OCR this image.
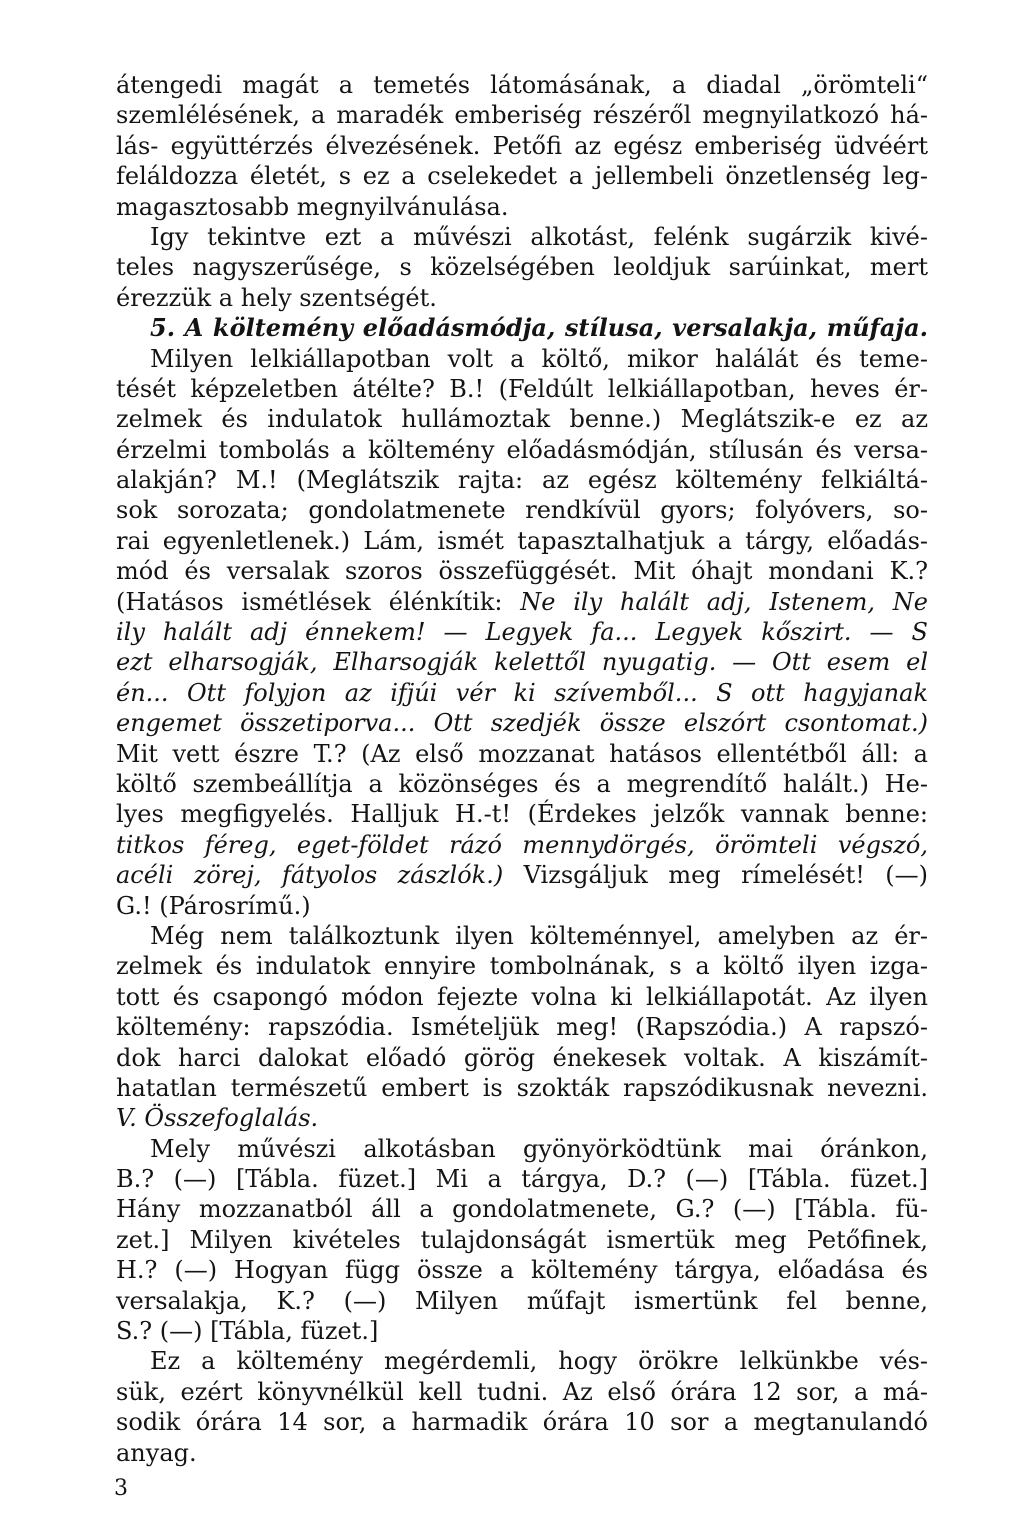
átengedi magát a temetés látomásának, a diadal „örömteli“
szemlélésének, a maradék emberiség részéről megnyilatkozó há-
lás- együttérzés élvezésének. Petőfi az egész emberiség üdvéért
feláldozza életét, s ez a cselekedet a jellembeli önzetlenség leg-
magasztosabb megnyilvánulása.
Igy tekintve ezt a művészi alkotást, felénk sugárzik kivé-
teles nagyszerűsége, s közelségében leoldjuk sarúinkat, mert
érezzük a hely szentségét.
5. A költemény előadásmódja, stílusa, versalakja, műfaja.
Milyen lelkiállapotban volt a költő, mikor halálát és teme-
tését képzeletben átélte? B.! (Feldúlt lelkiállapotban, heves ér-
zelmek és indulatok hullámoztak benne.) Meglátszik-e ez az
érzelmi tombolás a költemény előadásmódján, stílusán és versa-
alakján? M.! (Meglátszik rajta: az egész költemény felkiáltá-
sok sorozata; gondolatmenete rendkívül gyors; folyóvers, so-
rai egyenletlenek.) Lám, ismét tapasztalhatjuk a tárgy, előadás-
mód és versalak szoros összefüggését. Mit óhajt mondani K.?
(Hatásos ismétlések élénkítik: Ne ily halált adj, Istenem, Ne
ily halált adj énnekem! — Legyek fa... Legyek kőszirt. — S
ezt elharsogják, Elharsogják kelettől nyugatig. — Ott esem el
én... Ott folyjon az ifjúi vér ki szívemből... S ott hagyjanak
engemet összetiporva... Ott szedjék össze elszórt csontomat.)
Mit vett észre T.? (Az első mozzanat hatásos ellentétből áll: a
költő szembeállítja a közönséges és a megrendítő halált.) He-
lyes megfigyelés. Halljuk H.-t! (Érdekes jelzők vannak benne:
titkos féreg, eget-földet rázó mennydörgés, örömteli végszó,
acéli zörej, fátyolos zászlók.) Vizsgáljuk meg rímelését! (—)
G.! (Párosrímű.)
Még nem találkoztunk ilyen költeménnyel, amelyben az ér-
zelmek és indulatok ennyire tombolnának, s a költő ilyen izga-
tott és csapongó módon fejezte volna ki lelkiállapotát. Az ilyen
költemény: rapszódia. Ismételjük meg! (Rapszódia.) A rapszó-
dok harci dalokat előadó görög énekesek voltak. A kiszámít-
hatatlan természetű embert is szokták rapszódikusnak nevezni.
V. Összefoglalás.
Mely művészi alkotásban gyönyörködtünk mai óránkon,
B.? (—) [Tábla. füzet.] Mi a tárgya, D.? (—) [Tábla. füzet.]
Hány mozzanatból áll a gondolatmenete, G.? (—) [Tábla. fü-
zet.] Milyen kivételes tulajdonságát ismertük meg Petőfinek,
H.? (—) Hogyan függ össze a költemény tárgya, előadása és
versalakja, K.? (—) Milyen műfajt ismertünk fel benne,
S.? (—) [Tábla, füzet.]
Ez a költemény megérdemli, hogy örökre lelkünkbe vés-
sük, ezért könyvnélkül kell tudni. Az első órára 12 sor, a má-
sodik órára 14 sor, a harmadik órára 10 sor a megtanulandó
anyag.
3
